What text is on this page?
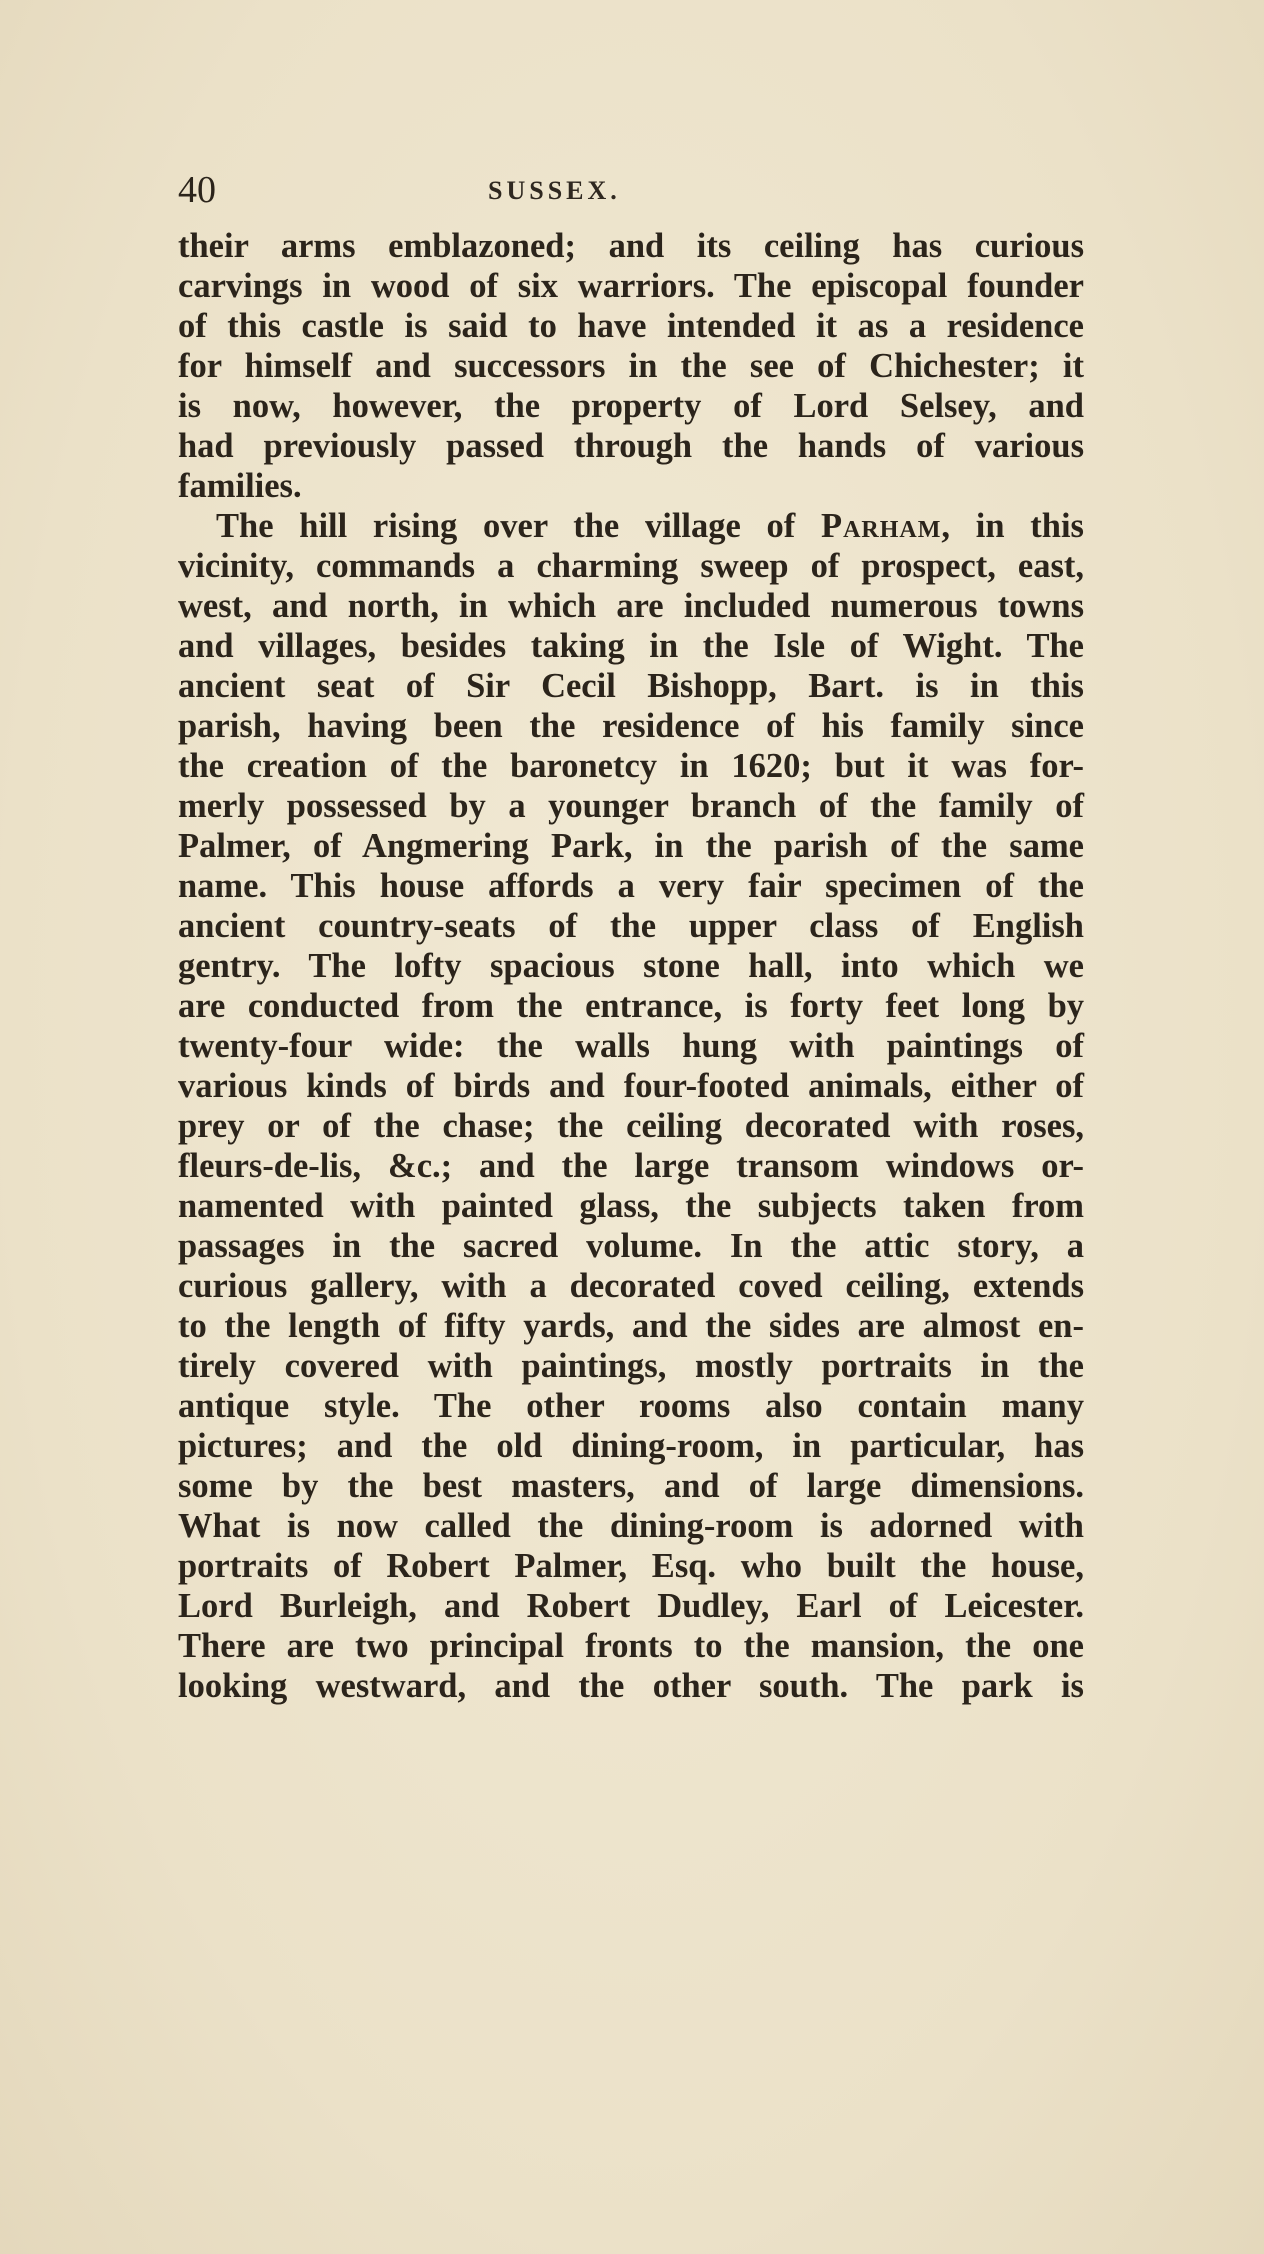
40	SUSSEX.
their arms emblazoned; and its ceiling has curious
carvings in wood of six warriors. The episcopal founder
of this castle is said to have intended it as a residence
for himself and successors in the see of Chichester; it
is now, however, the property of Lord Selsey, and
had previously passed through the hands of various
families.
The hill rising over the village of Parham, in this
vicinity, commands a charming sweep of prospect, east,
west, and north, in which are included numerous towns
and villages, besides taking in the Isle of Wight. The
ancient seat of Sir Cecil Bishopp, Bart. is in this
parish, having been the residence of his family since
the creation of the baronetcy in 1620; but it was for-
merly possessed by a younger branch of the family of
Palmer, of Angmering Park, in the parish of the same
name. This house affords a very fair specimen of the
ancient country-seats of the upper class of English
gentry. The lofty spacious stone hall, into which we
are conducted from the entrance, is forty feet long by
twenty-four wide: the walls hung with paintings of
various kinds of birds and four-footed animals, either of
prey or of the chase; the ceiling decorated with roses,
fleurs-de-lis, &c.; and the large transom windows or-
namented with painted glass, the subjects taken from
passages in the sacred volume. In the attic story, a
curious gallery, with a decorated coved ceiling, extends
to the length of fifty yards, and the sides are almost en-
tirely covered with paintings, mostly portraits in the
antique style. The other rooms also contain many
pictures; and the old dining-room, in particular, has
some by the best masters, and of large dimensions.
What is now called the dining-room is adorned with
portraits of Robert Palmer, Esq. who built the house,
Lord Burleigh, and Robert Dudley, Earl of Leicester.
There are two principal fronts to the mansion, the one
looking westward, and the other south. The park is
